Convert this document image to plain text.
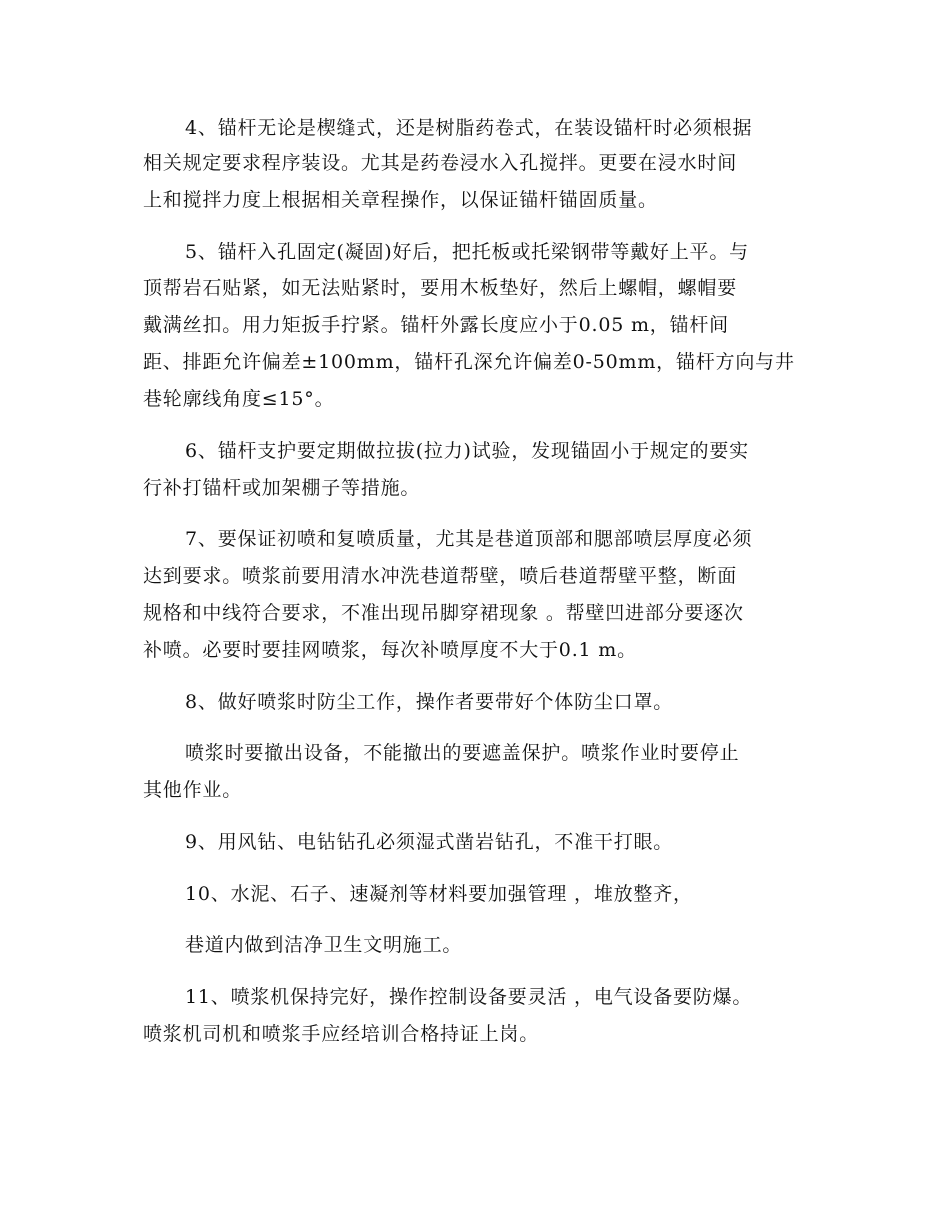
4、锚杆无论是楔缝式，还是树脂药卷式，在装设锚杆时必须根据
相关规定要求程序装设。尤其是药卷浸水入孔搅拌。更要在浸水时间
上和搅拌力度上根据相关章程操作，以保证锚杆锚固质量。
5、锚杆入孔固定(凝固)好后，把托板或托梁钢带等戴好上平。与
顶帮岩石贴紧，如无法贴紧时，要用木板垫好，然后上螺帽，螺帽要
戴满丝扣。用力矩扳手拧紧。锚杆外露长度应小于0.05 m，锚杆间
距、排距允许偏差±100mm，锚杆孔深允许偏差0-50mm，锚杆方向与井
巷轮廓线角度≤15°。
6、锚杆支护要定期做拉拔(拉力)试验，发现锚固小于规定的要实
行补打锚杆或加架棚子等措施。
7、要保证初喷和复喷质量，尤其是巷道顶部和腮部喷层厚度必须
达到要求。喷浆前要用清水冲洗巷道帮壁，喷后巷道帮壁平整，断面
规格和中线符合要求，不准出现吊脚穿裙现象 。帮壁凹进部分要逐次
补喷。必要时要挂网喷浆，每次补喷厚度不大于0.1 m。
8、做好喷浆时防尘工作，操作者要带好个体防尘口罩。
喷浆时要撤出设备，不能撤出的要遮盖保护。喷浆作业时要停止
其他作业。
9、用风钻、电钻钻孔必须湿式凿岩钻孔，不准干打眼。
10、水泥、石子、速凝剂等材料要加强管理 ，堆放整齐，
巷道内做到洁净卫生文明施工。
11、喷浆机保持完好，操作控制设备要灵活 ，电气设备要防爆。
喷浆机司机和喷浆手应经培训合格持证上岗。
